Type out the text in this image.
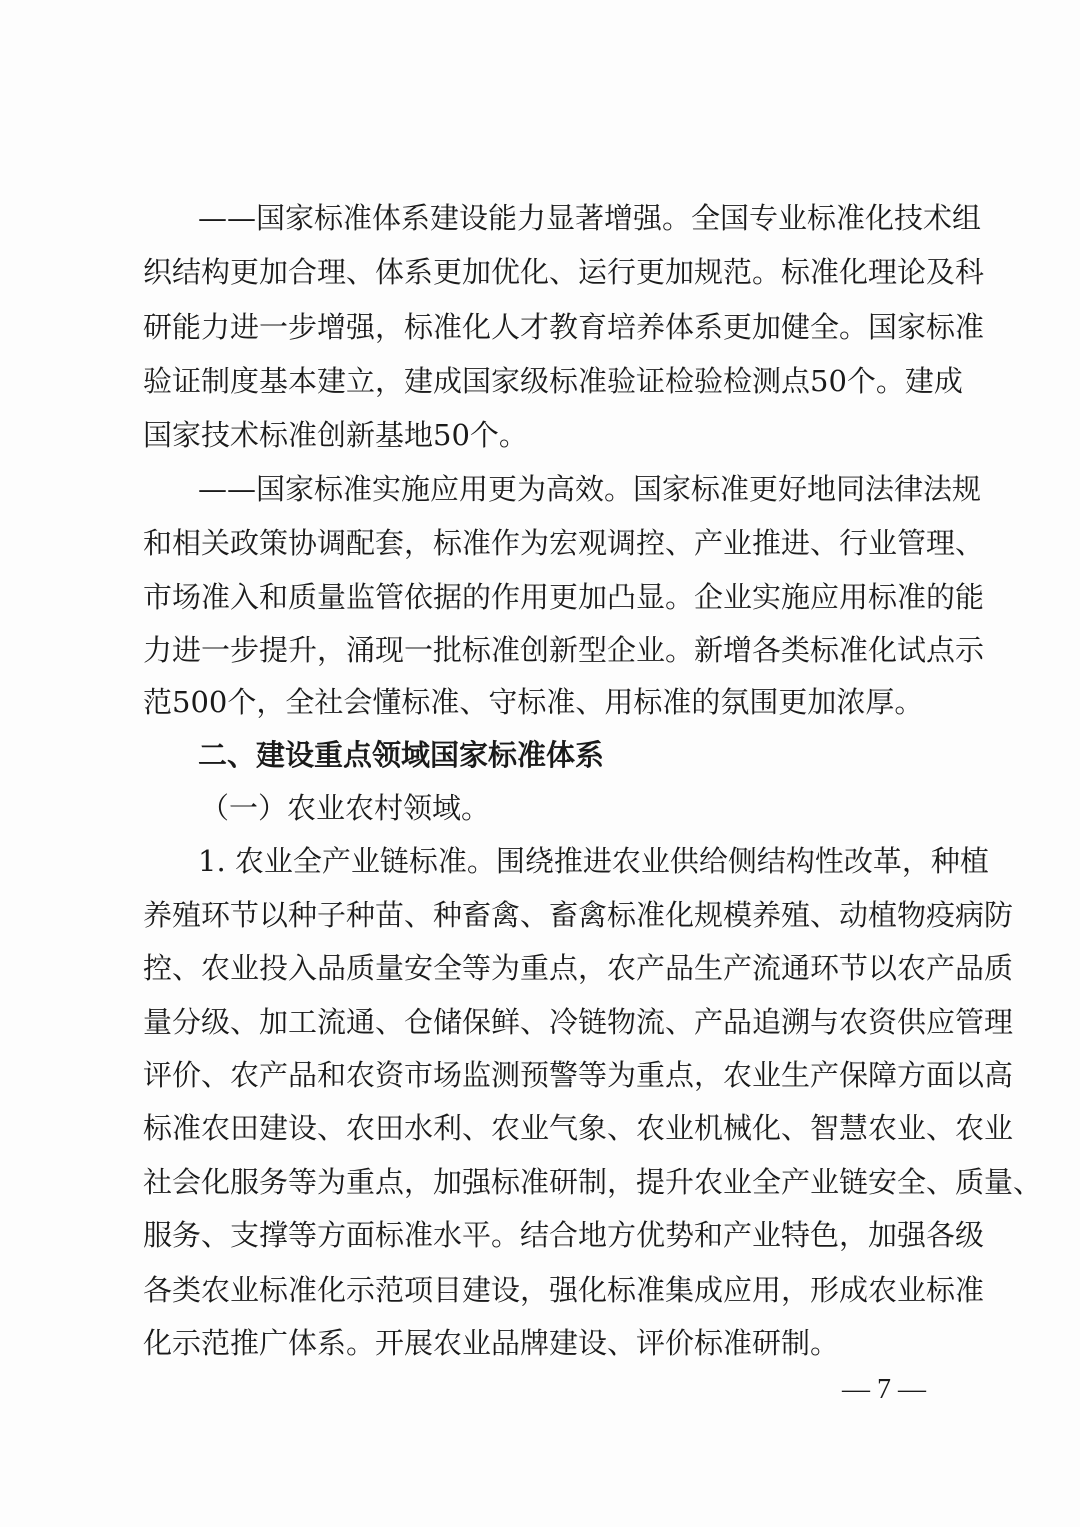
——国家标准体系建设能力显著增强。全国专业标准化技术组
织结构更加合理、体系更加优化、运行更加规范。标准化理论及科
研能力进一步增强，标准化人才教育培养体系更加健全。国家标准
验证制度基本建立，建成国家级标准验证检验检测点50个。建成
国家技术标准创新基地50个。
——国家标准实施应用更为高效。国家标准更好地同法律法规
和相关政策协调配套，标准作为宏观调控、产业推进、行业管理、
市场准入和质量监管依据的作用更加凸显。企业实施应用标准的能
力进一步提升，涌现一批标准创新型企业。新增各类标准化试点示
范500个，全社会懂标准、守标准、用标准的氛围更加浓厚。
二、建设重点领域国家标准体系
（一）农业农村领域。
1. 农业全产业链标准。围绕推进农业供给侧结构性改革，种植
养殖环节以种子种苗、种畜禽、畜禽标准化规模养殖、动植物疫病防
控、农业投入品质量安全等为重点，农产品生产流通环节以农产品质
量分级、加工流通、仓储保鲜、冷链物流、产品追溯与农资供应管理
评价、农产品和农资市场监测预警等为重点，农业生产保障方面以高
标准农田建设、农田水利、农业气象、农业机械化、智慧农业、农业
社会化服务等为重点，加强标准研制，提升农业全产业链安全、质量、
服务、支撑等方面标准水平。结合地方优势和产业特色，加强各级
各类农业标准化示范项目建设，强化标准集成应用，形成农业标准
化示范推广体系。开展农业品牌建设、评价标准研制。
— 7 —
